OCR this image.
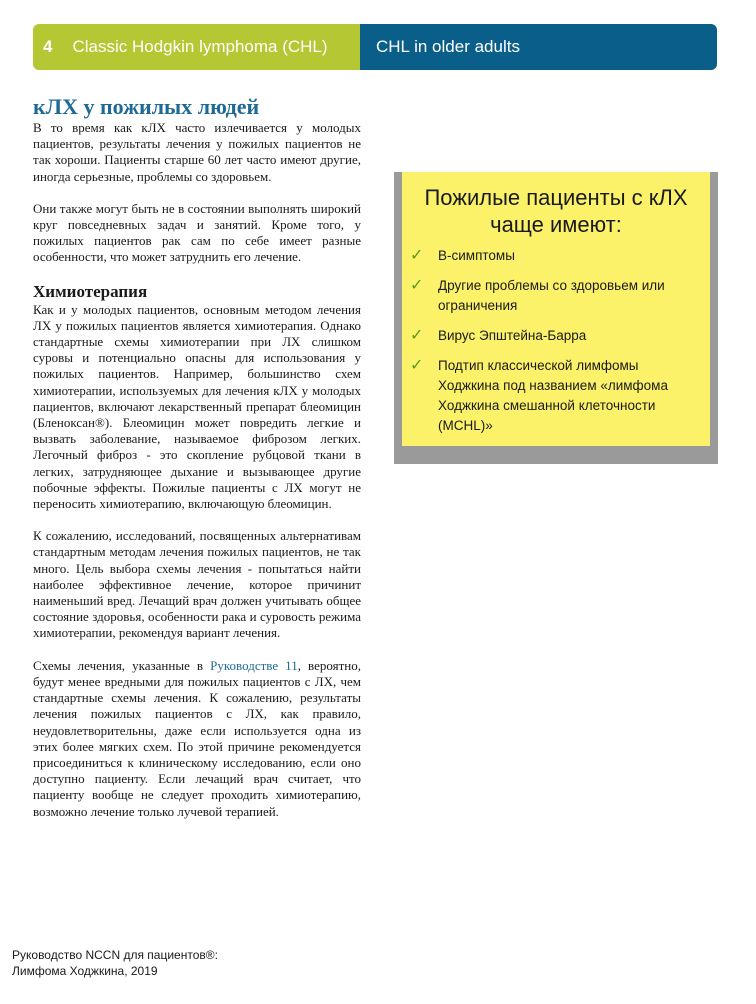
4 Classic Hodgkin lymphoma (CHL)	CHL in older adults
кЛХ у пожилых людей

В то время как кЛХ часто излечивается у молодых пациентов, результаты лечения у пожилых пациентов не так хороши. Пациенты старше 60 лет часто имеют другие, иногда серьезные, проблемы со здоровьем.

Они также могут быть не в состоянии выполнять широкий круг повседневных задач и занятий. Кроме того, у пожилых пациентов рак сам по себе имеет разные особенности, что может затруднить его лечение.

Химиотерапия

Как и у молодых пациентов, основным методом лечения ЛХ у пожилых пациентов является химиотерапия. Однако стандартные схемы химиотерапии при ЛХ слишком суровы и потенциально опасны для использования у пожилых пациентов. Например, большинство схем химиотерапии, используемых для лечения кЛХ у молодых пациентов, включают лекарственный препарат блеомицин (Бленоксан®). Блеомицин может повредить легкие и вызвать заболевание, называемое фиброзом легких. Легочный фиброз - это скопление рубцовой ткани в легких, затрудняющее дыхание и вызывающее другие побочные эффекты. Пожилые пациенты с ЛХ могут не переносить химиотерапию, включающую блеомицин.

К сожалению, исследований, посвященных альтернативам стандартным методам лечения пожилых пациентов, не так много. Цель выбора схемы лечения - попытаться найти наиболее эффективное лечение, которое причинит наименьший вред. Лечащий врач должен учитывать общее состояние здоровья, особенности рака и суровость режима химиотерапии, рекомендуя вариант лечения.

Схемы лечения, указанные в Руководстве 11, вероятно, будут менее вредными для пожилых пациентов с ЛХ, чем стандартные схемы лечения. К сожалению, результаты лечения пожилых пациентов с ЛХ, как правило, неудовлетворительны, даже если используется одна из этих более мягких схем. По этой причине рекомендуется присоединиться к клиническому исследованию, если оно доступно пациенту. Если лечащий врач считает, что пациенту вообще не следует проходить химиотерапию, возможно лечение только лучевой терапией.

Пожилые пациенты с кЛХ
чаще имеют:
✓	B-симптомы
✓	Другие проблемы со здоровьем или ограничения
✓	Вирус Эпштейна-Барра
✓	Подтип классической лимфомы Ходжкина под названием «лимфома Ходжкина смешанной клеточности (MCHL)»
Руководство NCCN для пациентов®:
Лимфома Ходжкина, 2019
